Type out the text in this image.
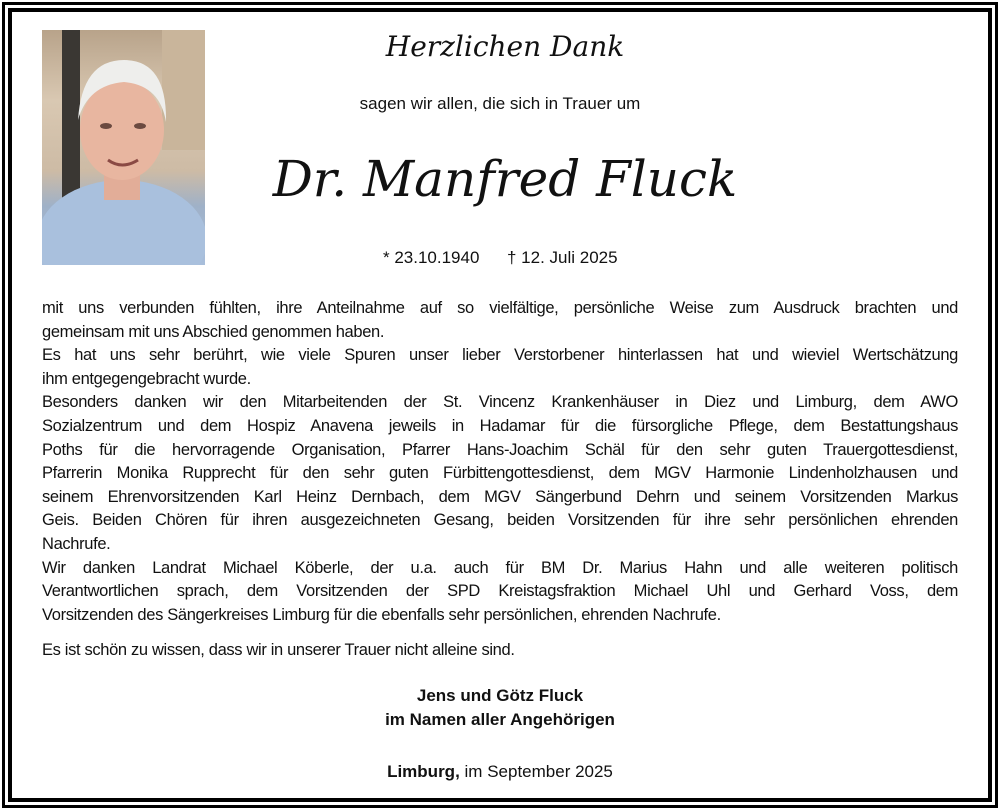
Herzlichen Dank
sagen wir allen, die sich in Trauer um
Dr. Manfred Fluck
* 23.10.1940 † 12. Juli 2025
mit uns verbunden fühlten, ihre Anteilnahme auf so vielfältige, persönliche Weise zum Ausdruck brachten und
gemeinsam mit uns Abschied genommen haben.
Es hat uns sehr berührt, wie viele Spuren unser lieber Verstorbener hinterlassen hat und wieviel Wertschätzung
ihm entgegengebracht wurde.
Besonders danken wir den Mitarbeitenden der St. Vincenz Krankenhäuser in Diez und Limburg, dem AWO
Sozialzentrum und dem Hospiz Anavena jeweils in Hadamar für die fürsorgliche Pflege, dem Bestattungshaus
Poths für die hervorragende Organisation, Pfarrer Hans-Joachim Schäl für den sehr guten Trauergottesdienst,
Pfarrerin Monika Rupprecht für den sehr guten Fürbittengottesdienst, dem MGV Harmonie Lindenholzhausen und
seinem Ehrenvorsitzenden Karl Heinz Dernbach, dem MGV Sängerbund Dehrn und seinem Vorsitzenden Markus
Geis. Beiden Chören für ihren ausgezeichneten Gesang, beiden Vorsitzenden für ihre sehr persönlichen ehrenden
Nachrufe.
Wir danken Landrat Michael Köberle, der u.a. auch für BM Dr. Marius Hahn und alle weiteren politisch
Verantwortlichen sprach, dem Vorsitzenden der SPD Kreistagsfraktion Michael Uhl und Gerhard Voss, dem
Vorsitzenden des Sängerkreises Limburg für die ebenfalls sehr persönlichen, ehrenden Nachrufe.
Es ist schön zu wissen, dass wir in unserer Trauer nicht alleine sind.
Jens und Götz Fluck
im Namen aller Angehörigen
Limburg, im September 2025
